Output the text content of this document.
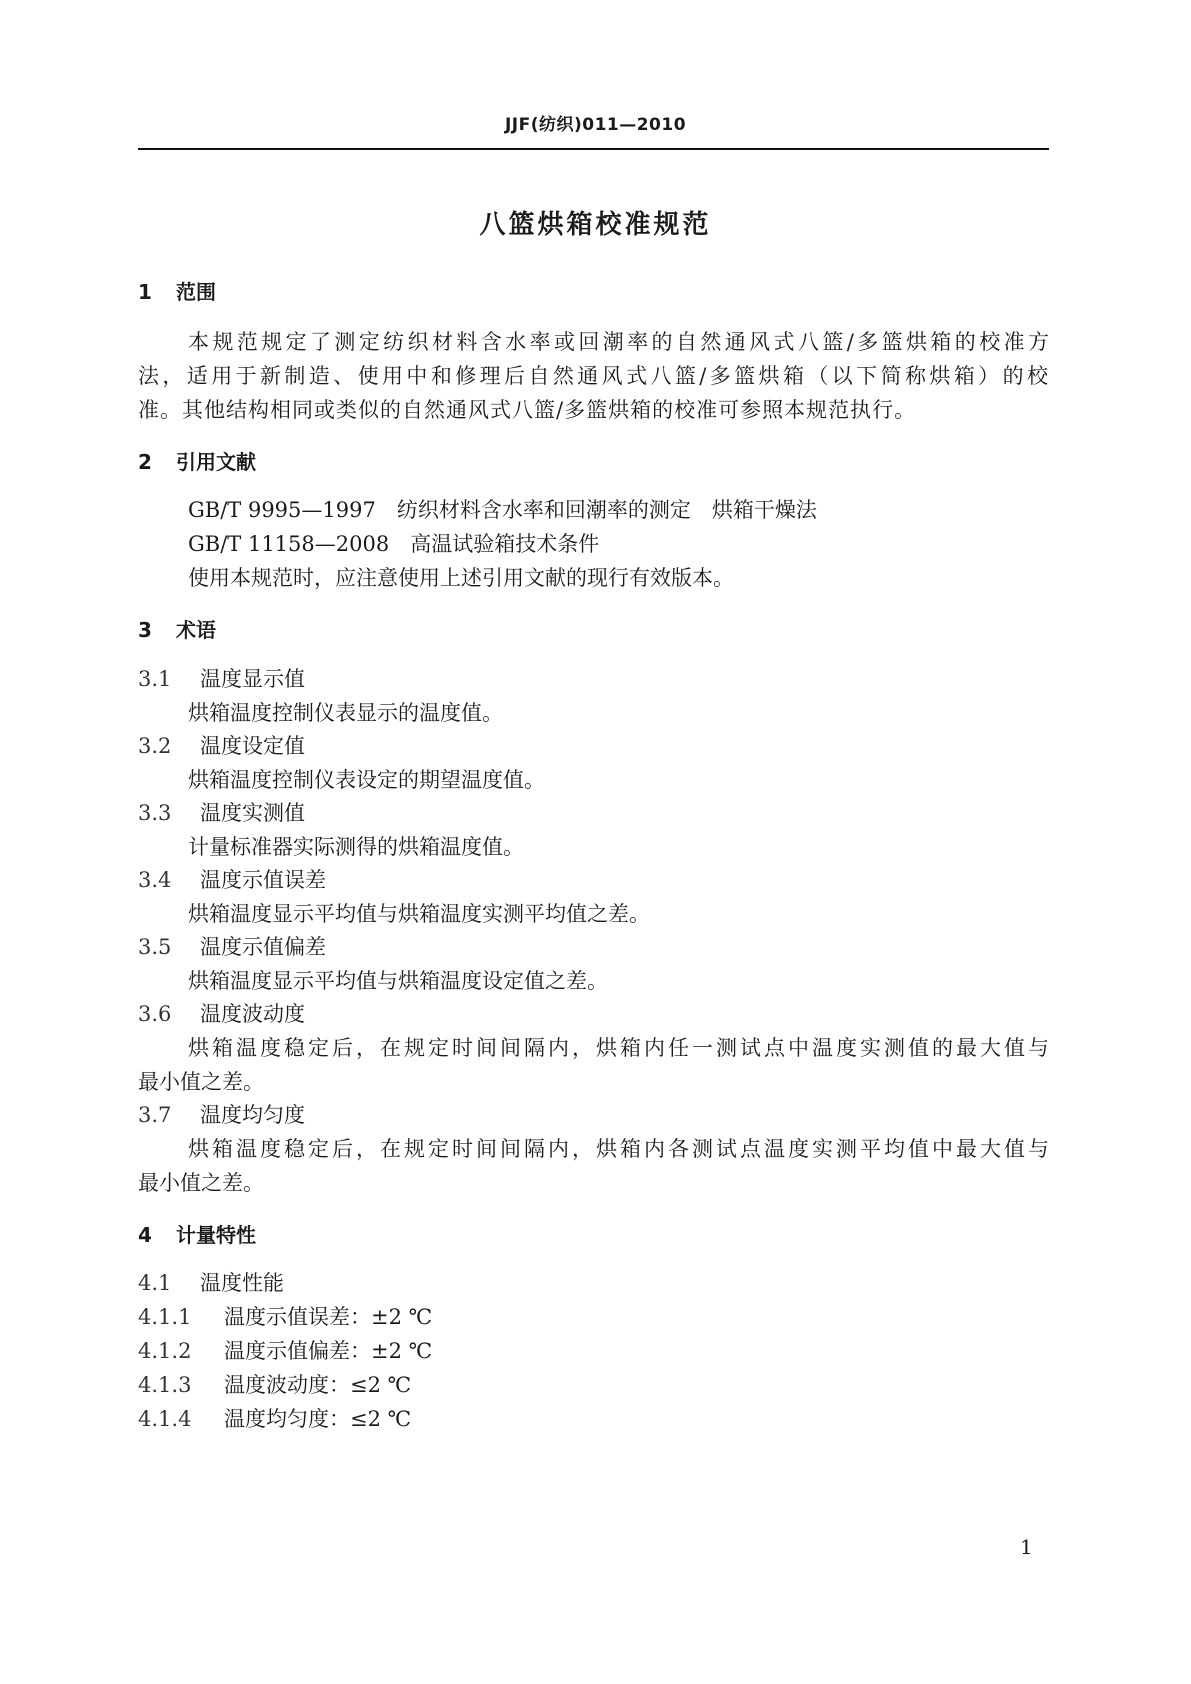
JJF(纺织)011—2010
八篮烘箱校准规范
1 范围
本规范规定了测定纺织材料含水率或回潮率的自然通风式八篮/多篮烘箱的校准方
法，适用于新制造、使用中和修理后自然通风式八篮/多篮烘箱（以下简称烘箱）的校
准。其他结构相同或类似的自然通风式八篮/多篮烘箱的校准可参照本规范执行。
2 引用文献
GB/T 9995—1997　纺织材料含水率和回潮率的测定　烘箱干燥法
GB/T 11158—2008　高温试验箱技术条件
使用本规范时，应注意使用上述引用文献的现行有效版本。
3 术语
3.1 温度显示值
烘箱温度控制仪表显示的温度值。
3.2 温度设定值
烘箱温度控制仪表设定的期望温度值。
3.3 温度实测值
计量标准器实际测得的烘箱温度值。
3.4 温度示值误差
烘箱温度显示平均值与烘箱温度实测平均值之差。
3.5 温度示值偏差
烘箱温度显示平均值与烘箱温度设定值之差。
3.6 温度波动度
烘箱温度稳定后，在规定时间间隔内，烘箱内任一测试点中温度实测值的最大值与
最小值之差。
3.7 温度均匀度
烘箱温度稳定后，在规定时间间隔内，烘箱内各测试点温度实测平均值中最大值与
最小值之差。
4 计量特性
4.1 温度性能
4.1.1 温度示值误差：±2 ℃
4.1.2 温度示值偏差：±2 ℃
4.1.3 温度波动度：≤2 ℃
4.1.4 温度均匀度：≤2 ℃
1
